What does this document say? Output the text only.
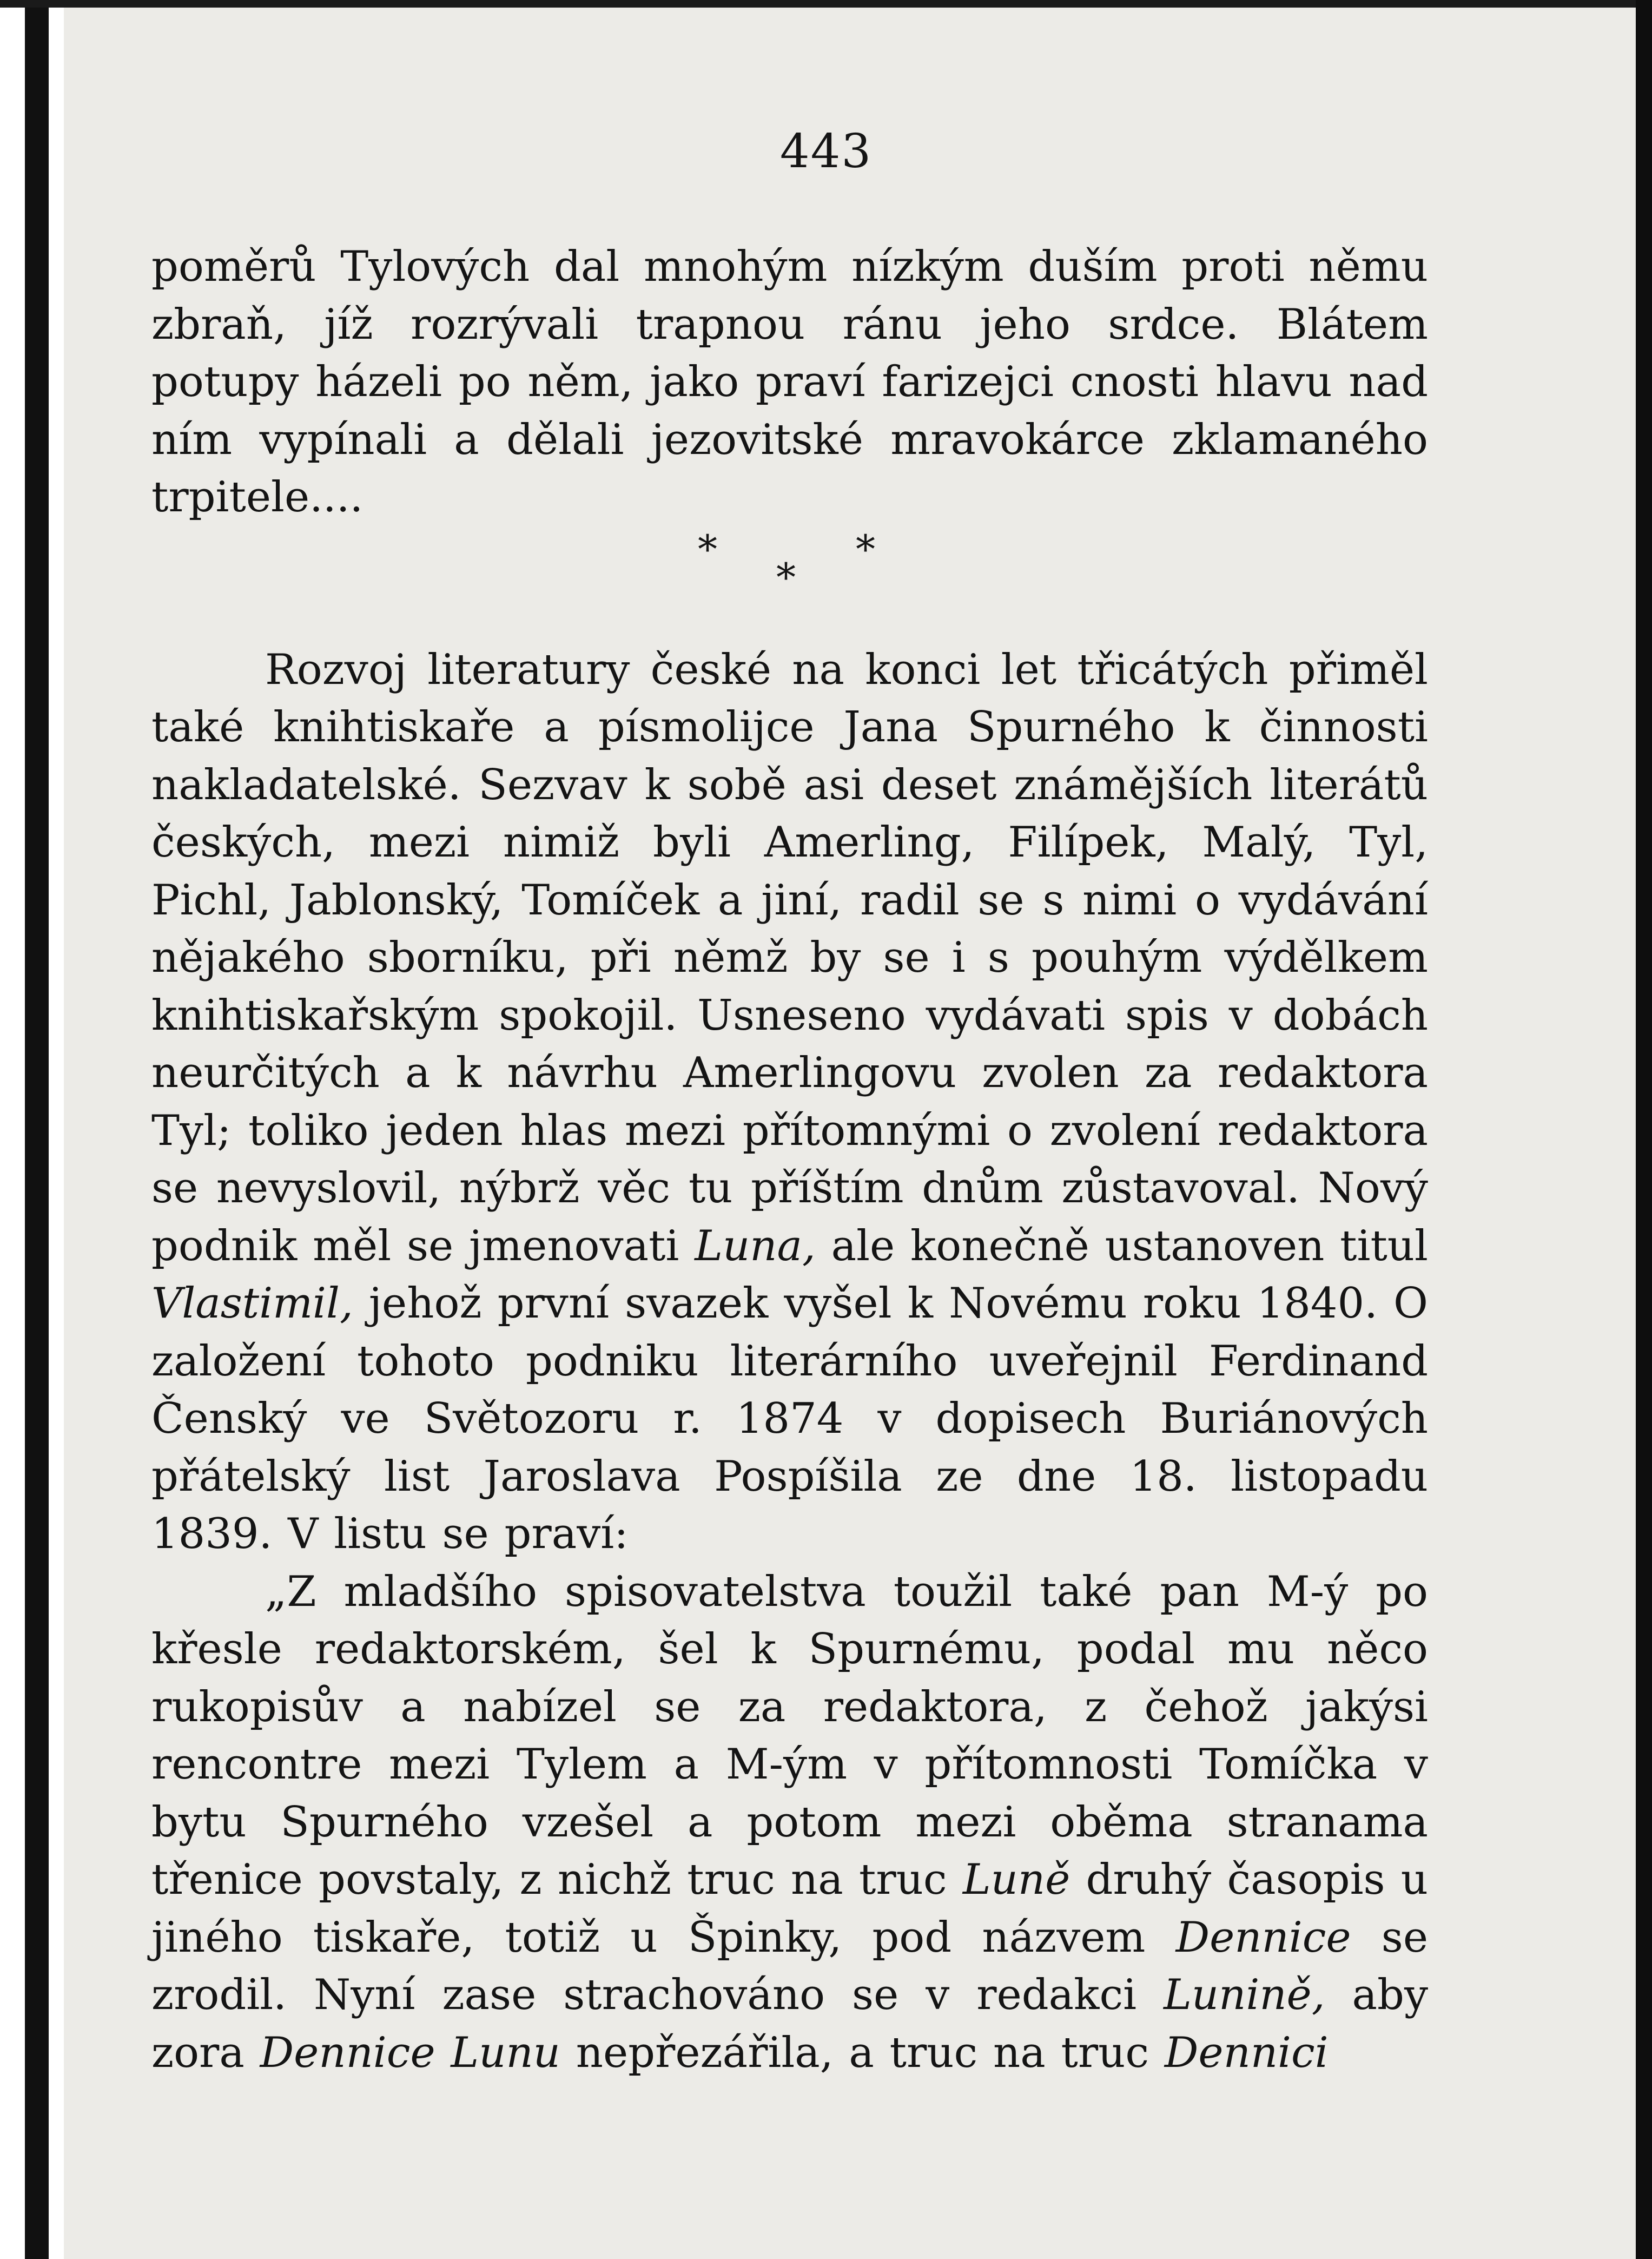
443

poměrů Tylových dal mnohým nízkým duším proti němu zbraň, jíž rozrývali trapnou ránu jeho srdce. Blátem potupy házeli po něm, jako praví farizejci cnosti hlavu nad ním vypínali a dělali jezovitské mravokárce zklamaného trpitele....

*	*
*

Rozvoj literatury české na konci let třicátých přiměl také knihtiskaře a písmolijce Jana Spurného k činnosti nakladatelské. Sezvav k sobě asi deset známějších literátů českých, mezi nimiž byli Amerling, Filípek, Malý, Tyl, Pichl, Jablonský, Tomíček a jiní, radil se s nimi o vydávání nějakého sborníku, při němž by se i s pouhým výdělkem knihtiskařským spokojil. Usneseno vydávati spis v dobách neurčitých a k návrhu Amerlingovu zvolen za redaktora Tyl; toliko jeden hlas mezi přítomnými o zvolení redaktora se nevyslovil, nýbrž věc tu příštím dnům zůstavoval. Nový podnik měl se jmenovati Luna, ale konečně ustanoven titul Vlastimil, jehož první svazek vyšel k Novému roku 1840. O založení tohoto podniku literárního uveřejnil Ferdinand Čenský ve Světozoru r. 1874 v dopisech Buriánových přátelský list Jaroslava Pospíšila ze dne 18. listopadu 1839. V listu se praví:

„Z mladšího spisovatelstva toužil také pan M-ý po křesle redaktorském, šel k Spurnému, podal mu něco rukopisův a nabízel se za redaktora, z čehož jakýsi rencontre mezi Tylem a M-ým v přítomnosti Tomíčka v bytu Spurného vzešel a potom mezi oběma stranama třenice povstaly, z nichž truc na truc Luně druhý časopis u jiného tiskaře, totiž u Špinky, pod názvem Dennice se zrodil. Nyní zase strachováno se v redakci Lunině, aby zora Dennice Lunu nepřezářila, a truc na truc Dennici
